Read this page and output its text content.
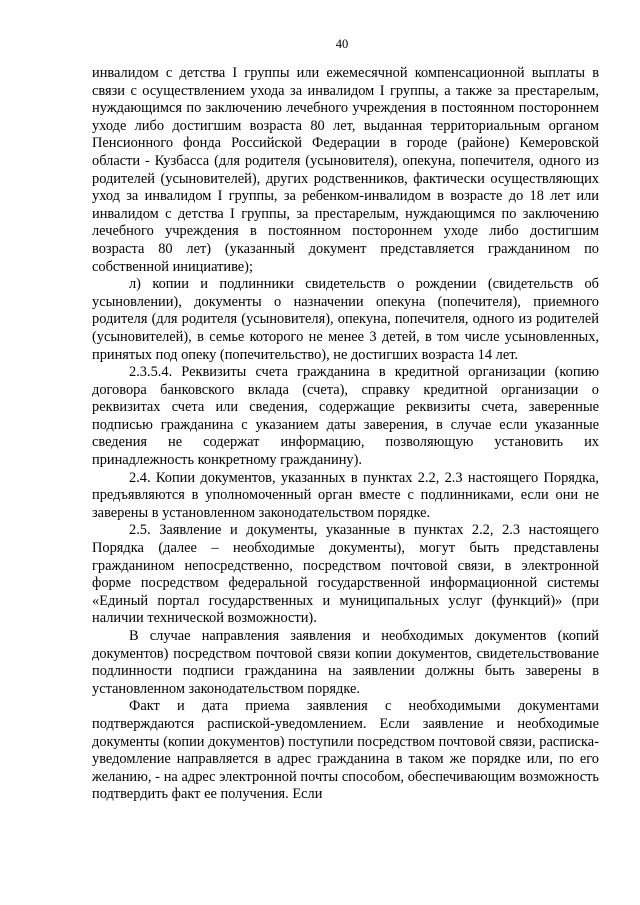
40

инвалидом с детства I группы или ежемесячной компенсационной выплаты в связи с осуществлением ухода за инвалидом I группы, а также за престарелым, нуждающимся по заключению лечебного учреждения в постоянном постороннем уходе либо достигшим возраста 80 лет, выданная территориальным органом Пенсионного фонда Российской Федерации в городе (районе) Кемеровской области - Кузбасса (для родителя (усыновителя), опекуна, попечителя, одного из родителей (усыновителей), других родственников, фактически осуществляющих уход за инвалидом I группы, за ребенком-инвалидом в возрасте до 18 лет или инвалидом с детства I группы, за престарелым, нуждающимся по заключению лечебного учреждения в постоянном постороннем уходе либо достигшим возраста 80 лет) (указанный документ представляется гражданином по собственной инициативе);

л) копии и подлинники свидетельств о рождении (свидетельств об усыновлении), документы о назначении опекуна (попечителя), приемного родителя (для родителя (усыновителя), опекуна, попечителя, одного из родителей (усыновителей), в семье которого не менее 3 детей, в том числе усыновленных, принятых под опеку (попечительство), не достигших возраста 14 лет.

2.3.5.4. Реквизиты счета гражданина в кредитной организации (копию договора банковского вклада (счета), справку кредитной организации о реквизитах счета или сведения, содержащие реквизиты счета, заверенные подписью гражданина с указанием даты заверения, в случае если указанные сведения не содержат информацию, позволяющую установить их принадлежность конкретному гражданину).

2.4. Копии документов, указанных в пунктах 2.2, 2.3 настоящего Порядка, предъявляются в уполномоченный орган вместе с подлинниками, если они не заверены в установленном законодательством порядке.

2.5. Заявление и документы, указанные в пунктах 2.2, 2.3 настоящего Порядка (далее – необходимые документы), могут быть представлены гражданином непосредственно, посредством почтовой связи, в электронной форме посредством федеральной государственной информационной системы «Единый портал государственных и муниципальных услуг (функций)» (при наличии технической возможности).

В случае направления заявления и необходимых документов (копий документов) посредством почтовой связи копии документов, свидетельствование подлинности подписи гражданина на заявлении должны быть заверены в установленном законодательством порядке.

Факт и дата приема заявления с необходимыми документами подтверждаются распиской-уведомлением. Если заявление и необходимые документы (копии документов) поступили посредством почтовой связи, расписка-уведомление направляется в адрес гражданина в таком же порядке или, по его желанию, - на адрес электронной почты способом, обеспечивающим возможность подтвердить факт ее получения. Если
